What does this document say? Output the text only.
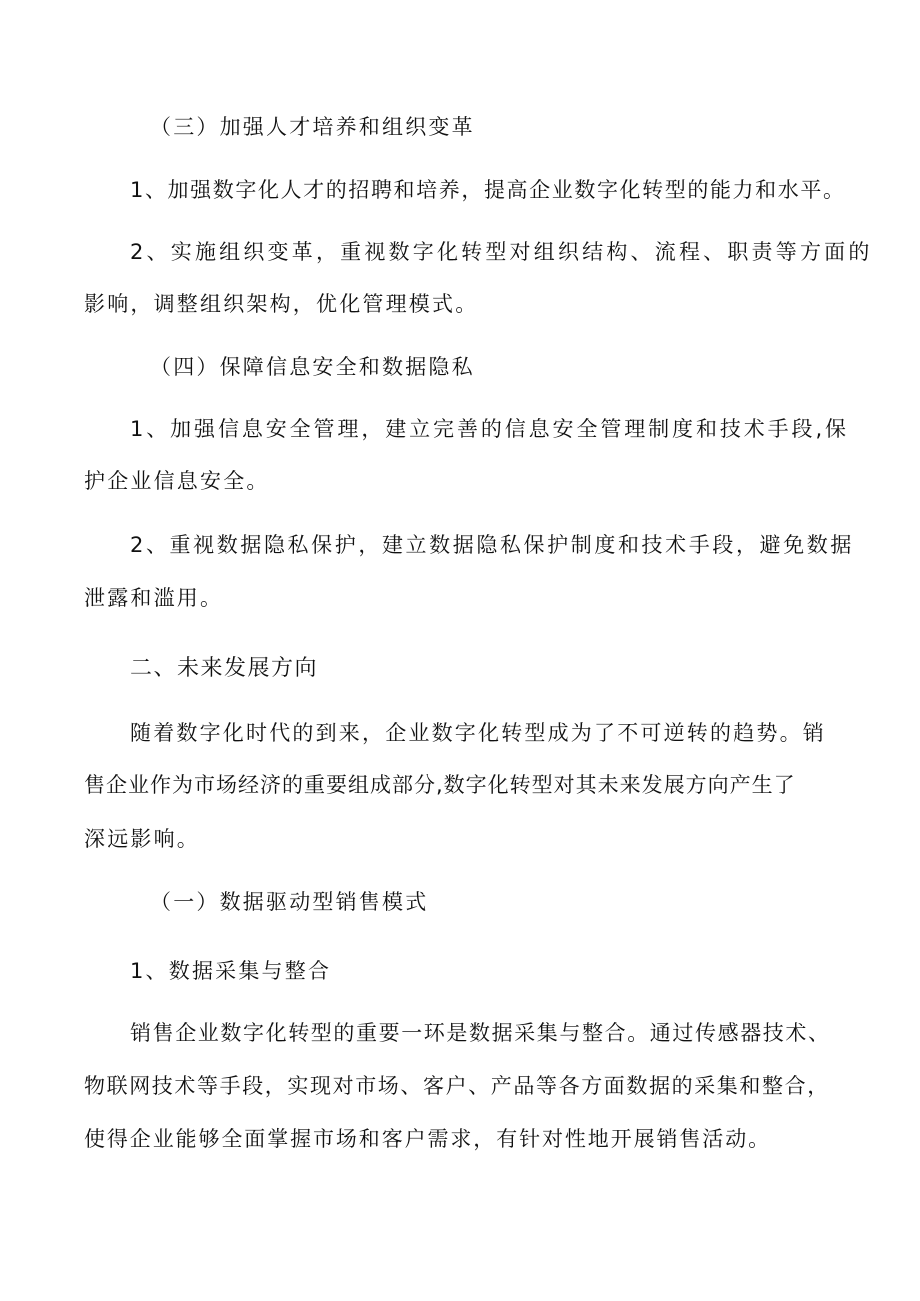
（三）加强人才培养和组织变革
1、加强数字化人才的招聘和培养，提高企业数字化转型的能力和水平。
2、实施组织变革，重视数字化转型对组织结构、流程、职责等方面的
影响，调整组织架构，优化管理模式。
（四）保障信息安全和数据隐私
1、加强信息安全管理，建立完善的信息安全管理制度和技术手段,保
护企业信息安全。
2、重视数据隐私保护，建立数据隐私保护制度和技术手段，避免数据
泄露和滥用。
二、未来发展方向
随着数字化时代的到来，企业数字化转型成为了不可逆转的趋势。销
售企业作为市场经济的重要组成部分,数字化转型对其未来发展方向产生了
深远影响。
（一）数据驱动型销售模式
1、数据采集与整合
销售企业数字化转型的重要一环是数据采集与整合。通过传感器技术、
物联网技术等手段，实现对市场、客户、产品等各方面数据的采集和整合，
使得企业能够全面掌握市场和客户需求，有针对性地开展销售活动。
